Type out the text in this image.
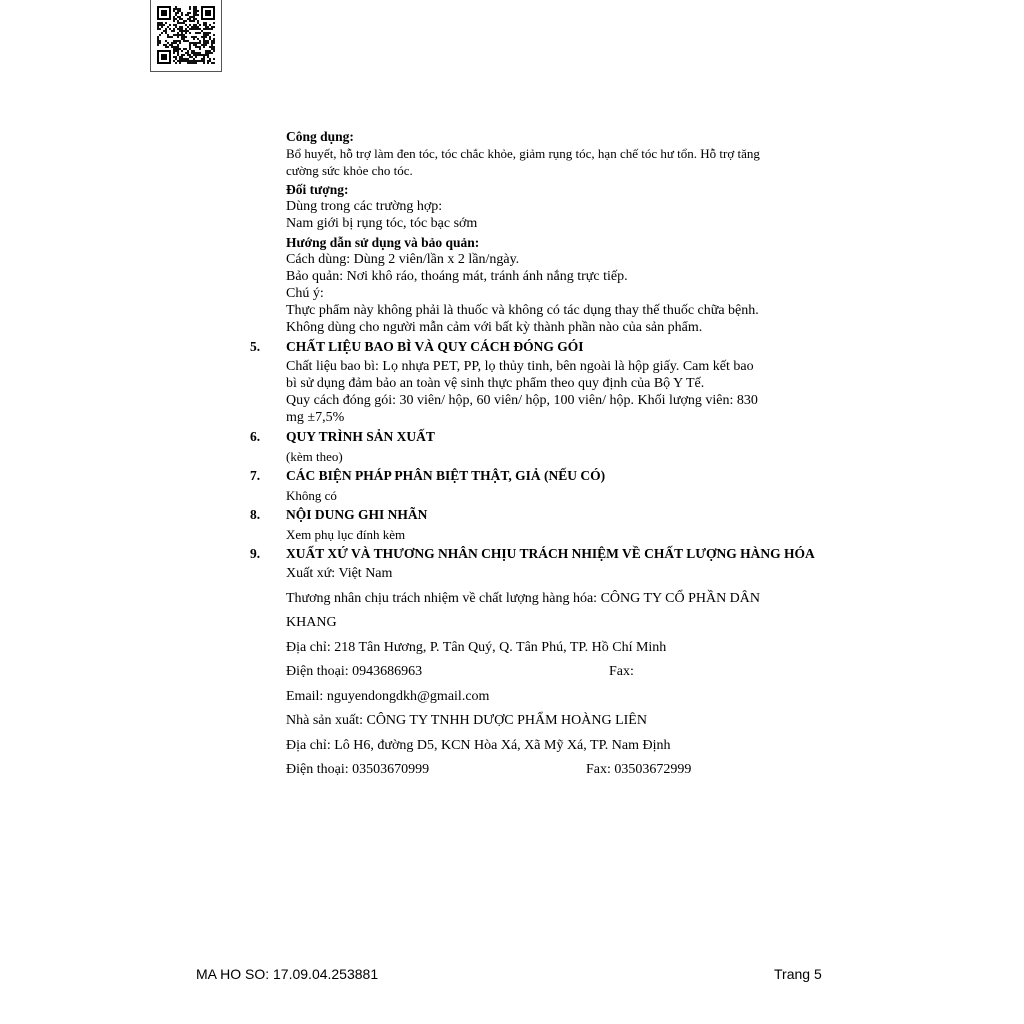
Công dụng:
Bổ huyết, hỗ trợ làm đen tóc, tóc chắc khỏe, giảm rụng tóc, hạn chế tóc hư tổn. Hỗ trợ tăng
cường sức khỏe cho tóc.
Đối tượng:
Dùng trong các trường hợp:
Nam giới bị rụng tóc, tóc bạc sớm
Hướng dẫn sử dụng và bảo quản:
Cách dùng: Dùng 2 viên/lần x 2 lần/ngày.
Bảo quản: Nơi khô ráo, thoáng mát, tránh ánh nắng trực tiếp.
Chú ý:
Thực phẩm này không phải là thuốc và không có tác dụng thay thế thuốc chữa bệnh.
Không dùng cho người mẫn cảm với bất kỳ thành phần nào của sản phẩm.
5.	CHẤT LIỆU BAO BÌ VÀ QUY CÁCH ĐÓNG GÓI
Chất liệu bao bì: Lọ nhựa PET, PP, lọ thủy tinh, bên ngoài là hộp giấy. Cam kết bao
bì sử dụng đảm bảo an toàn vệ sinh thực phẩm theo quy định của Bộ Y Tế.
Quy cách đóng gói: 30 viên/ hộp, 60 viên/ hộp, 100 viên/ hộp. Khối lượng viên: 830
mg ±7,5%
6.	QUY TRÌNH SẢN XUẤT
(kèm theo)
7.	CÁC BIỆN PHÁP PHÂN BIỆT THẬT, GIẢ (NẾU CÓ)
Không có
8.	NỘI DUNG GHI NHÃN
Xem phụ lục đính kèm
9.	XUẤT XỨ VÀ THƯƠNG NHÂN CHỊU TRÁCH NHIỆM VỀ CHẤT LƯỢNG HÀNG HÓA
Xuất xứ: Việt Nam
Thương nhân chịu trách nhiệm về chất lượng hàng hóa: CÔNG TY CỔ PHẦN DÂN
KHANG
Địa chỉ: 218 Tân Hương, P. Tân Quý, Q. Tân Phú, TP. Hồ Chí Minh
Điện thoại: 0943686963	Fax:
Email: nguyendongdkh@gmail.com
Nhà sản xuất: CÔNG TY TNHH DƯỢC PHẨM HOÀNG LIÊN
Địa chỉ: Lô H6, đường D5, KCN Hòa Xá, Xã Mỹ Xá, TP. Nam Định
Điện thoại: 03503670999	Fax: 03503672999
MA HO SO: 17.09.04.253881	Trang 5
